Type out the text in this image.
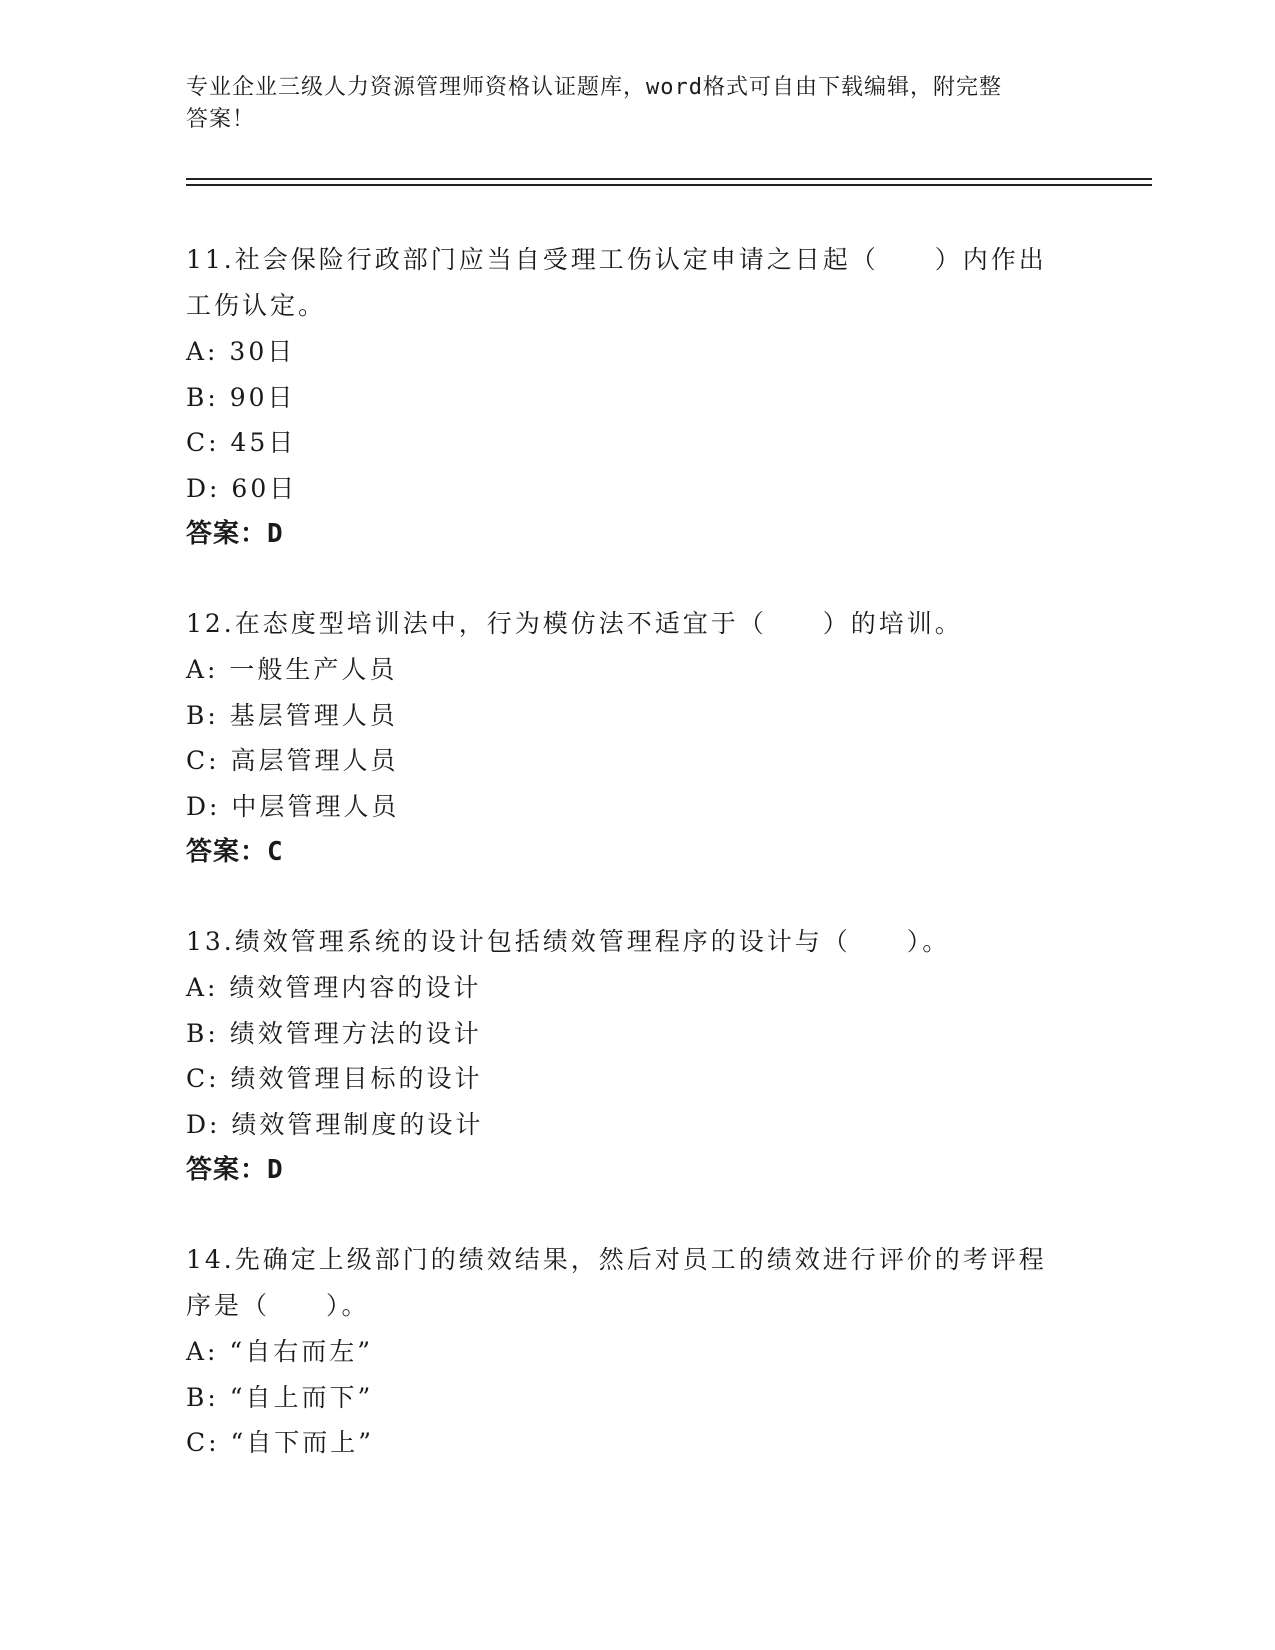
专业企业三级人力资源管理师资格认证题库，word格式可自由下载编辑，附完整
答案！
11.社会保险行政部门应当自受理工伤认定申请之日起（　　）内作出
工伤认定。
A: 30日
B: 90日
C: 45日
D: 60日
答案：D
12.在态度型培训法中，行为模仿法不适宜于（　　）的培训。
A: 一般生产人员
B: 基层管理人员
C: 高层管理人员
D: 中层管理人员
答案：C
13.绩效管理系统的设计包括绩效管理程序的设计与（　　）。
A: 绩效管理内容的设计
B: 绩效管理方法的设计
C: 绩效管理目标的设计
D: 绩效管理制度的设计
答案：D
14.先确定上级部门的绩效结果，然后对员工的绩效进行评价的考评程
序是（　　）。
A: “自右而左”
B: “自上而下”
C: “自下而上”
